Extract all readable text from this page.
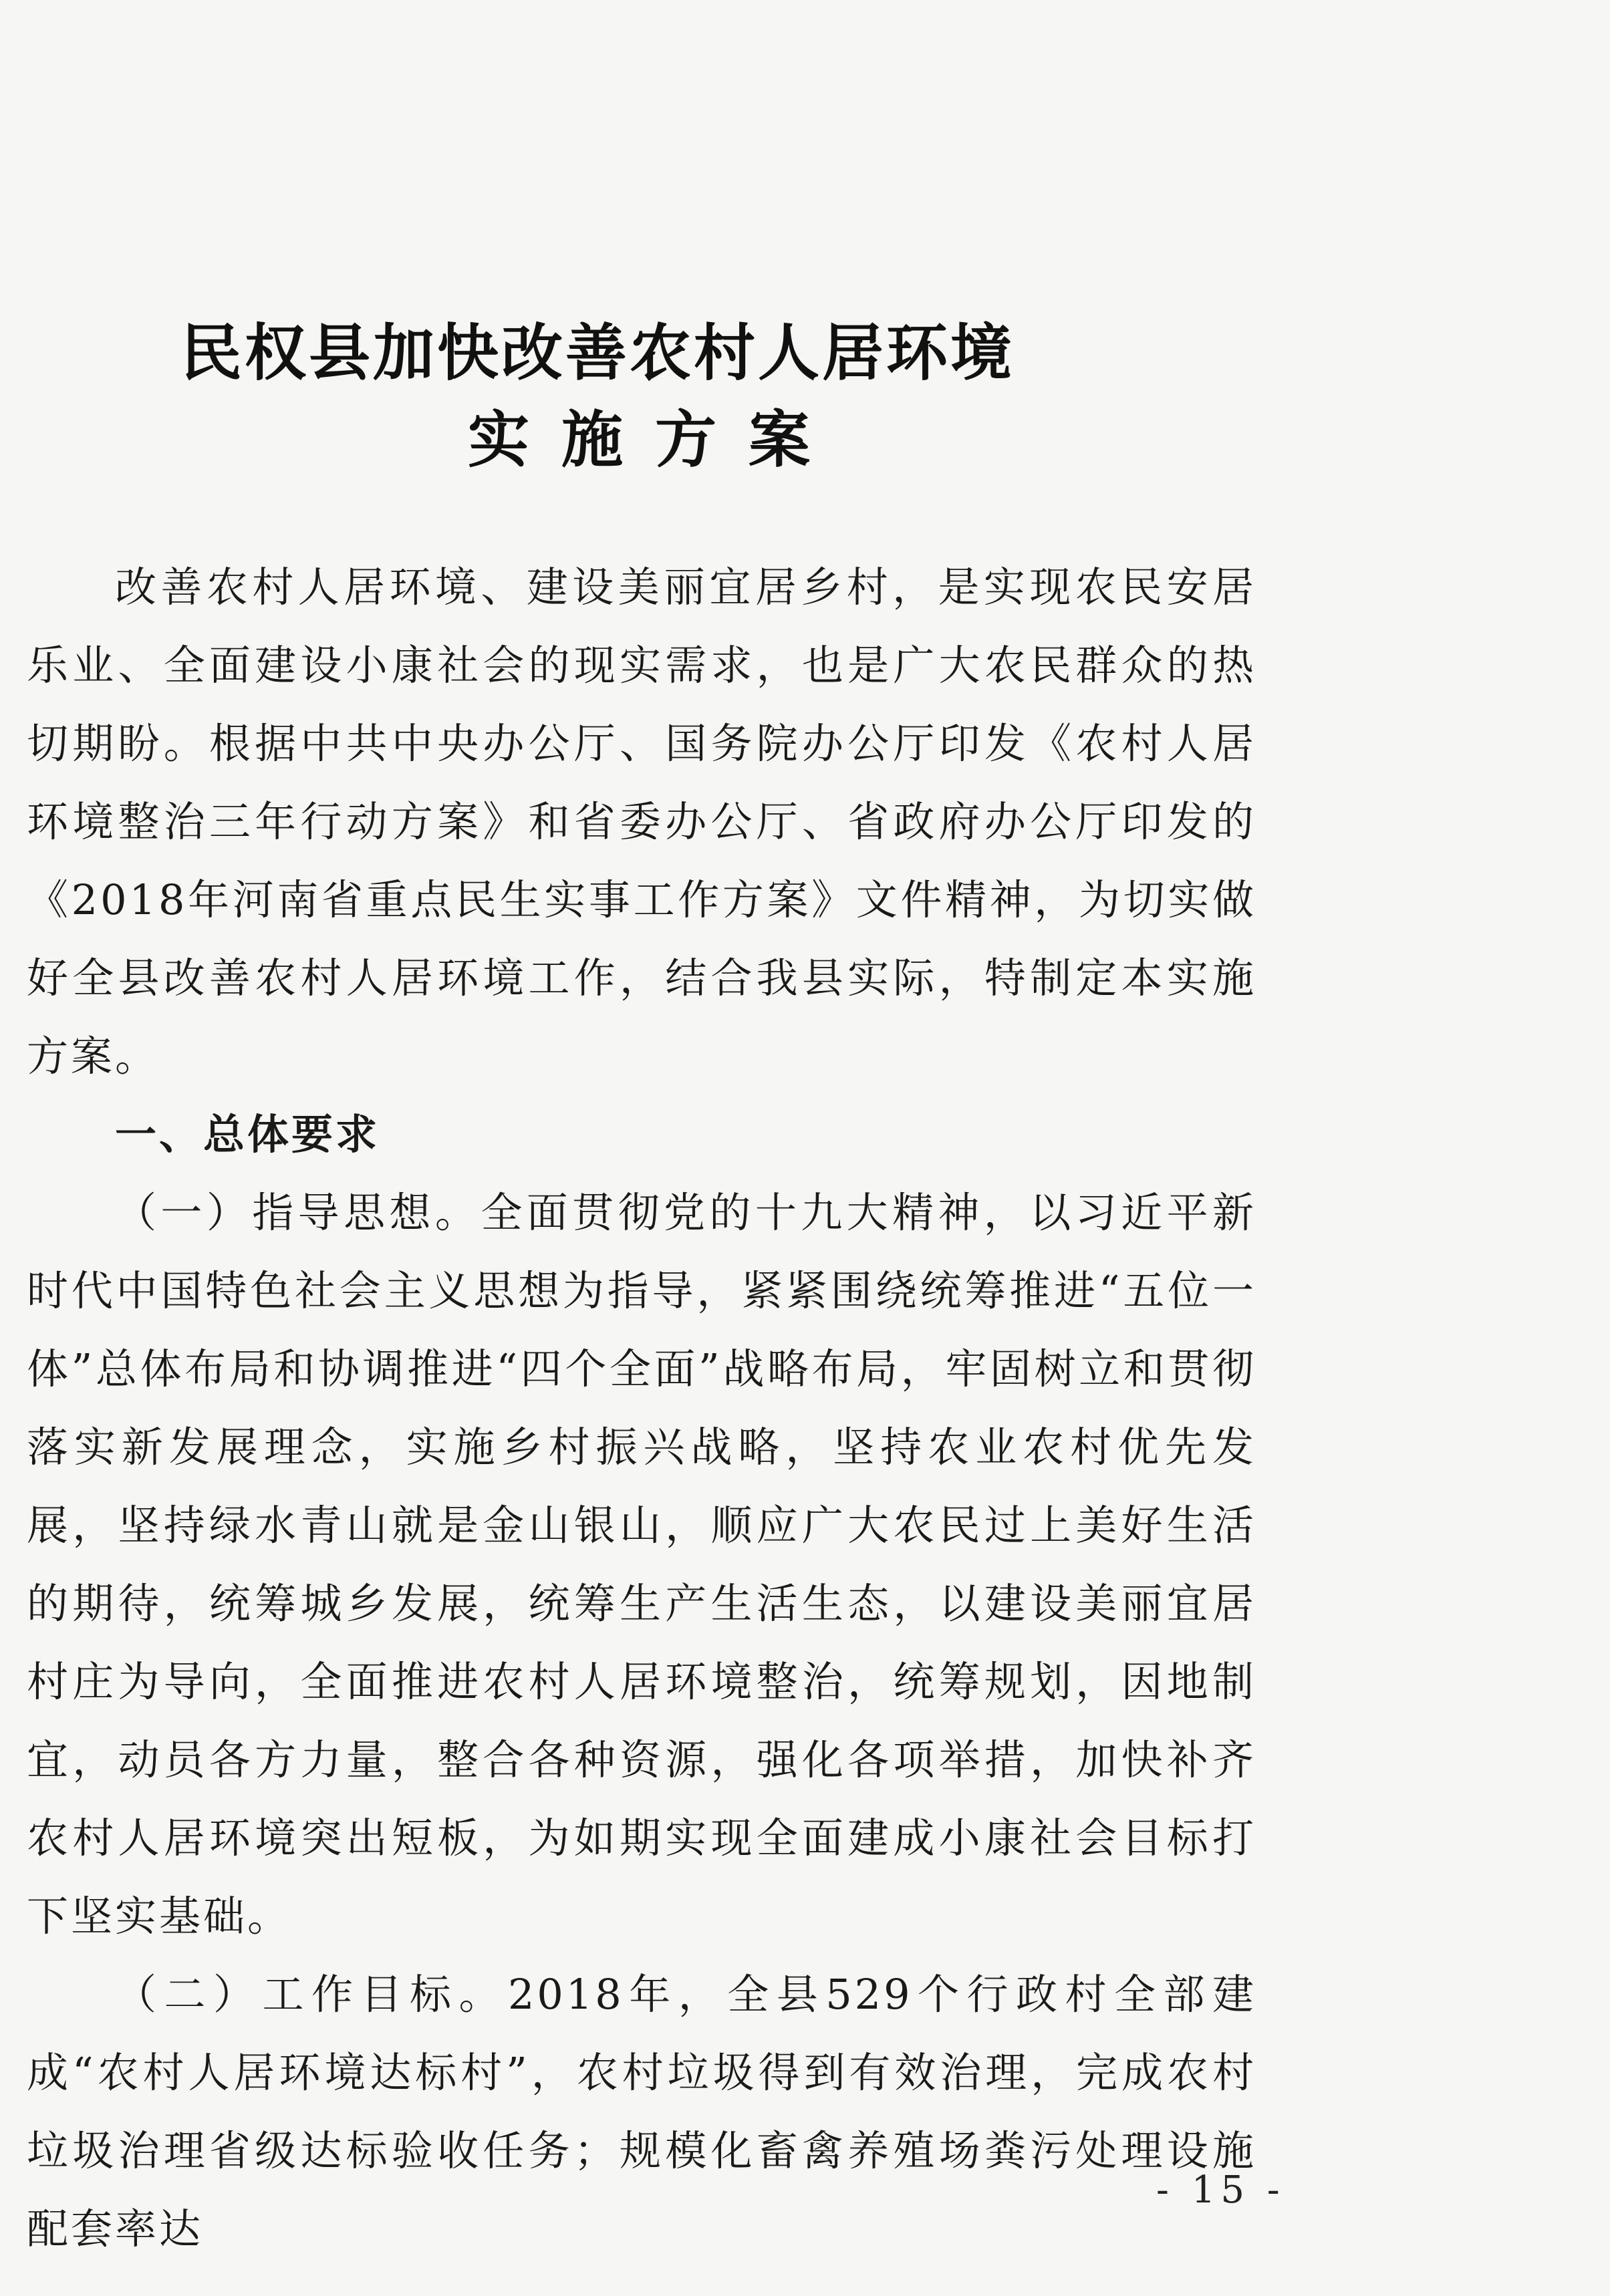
民权县加快改善农村人居环境
实施方案

改善农村人居环境、建设美丽宜居乡村，是实现农民安居乐业、全面建设小康社会的现实需求，也是广大农民群众的热切期盼。根据中共中央办公厅、国务院办公厅印发《农村人居环境整治三年行动方案》和省委办公厅、省政府办公厅印发的《2018年河南省重点民生实事工作方案》文件精神，为切实做好全县改善农村人居环境工作，结合我县实际，特制定本实施方案。

一、总体要求

（一）指导思想。全面贯彻党的十九大精神，以习近平新时代中国特色社会主义思想为指导，紧紧围绕统筹推进“五位一体”总体布局和协调推进“四个全面”战略布局，牢固树立和贯彻落实新发展理念，实施乡村振兴战略，坚持农业农村优先发展，坚持绿水青山就是金山银山，顺应广大农民过上美好生活的期待，统筹城乡发展，统筹生产生活生态，以建设美丽宜居村庄为导向，全面推进农村人居环境整治，统筹规划，因地制宜，动员各方力量，整合各种资源，强化各项举措，加快补齐农村人居环境突出短板，为如期实现全面建成小康社会目标打下坚实基础。

（二）工作目标。2018年，全县529个行政村全部建成“农村人居环境达标村”，农村垃圾得到有效治理，完成农村垃圾治理省级达标验收任务；规模化畜禽养殖场粪污处理设施配套率达

- 15 -
